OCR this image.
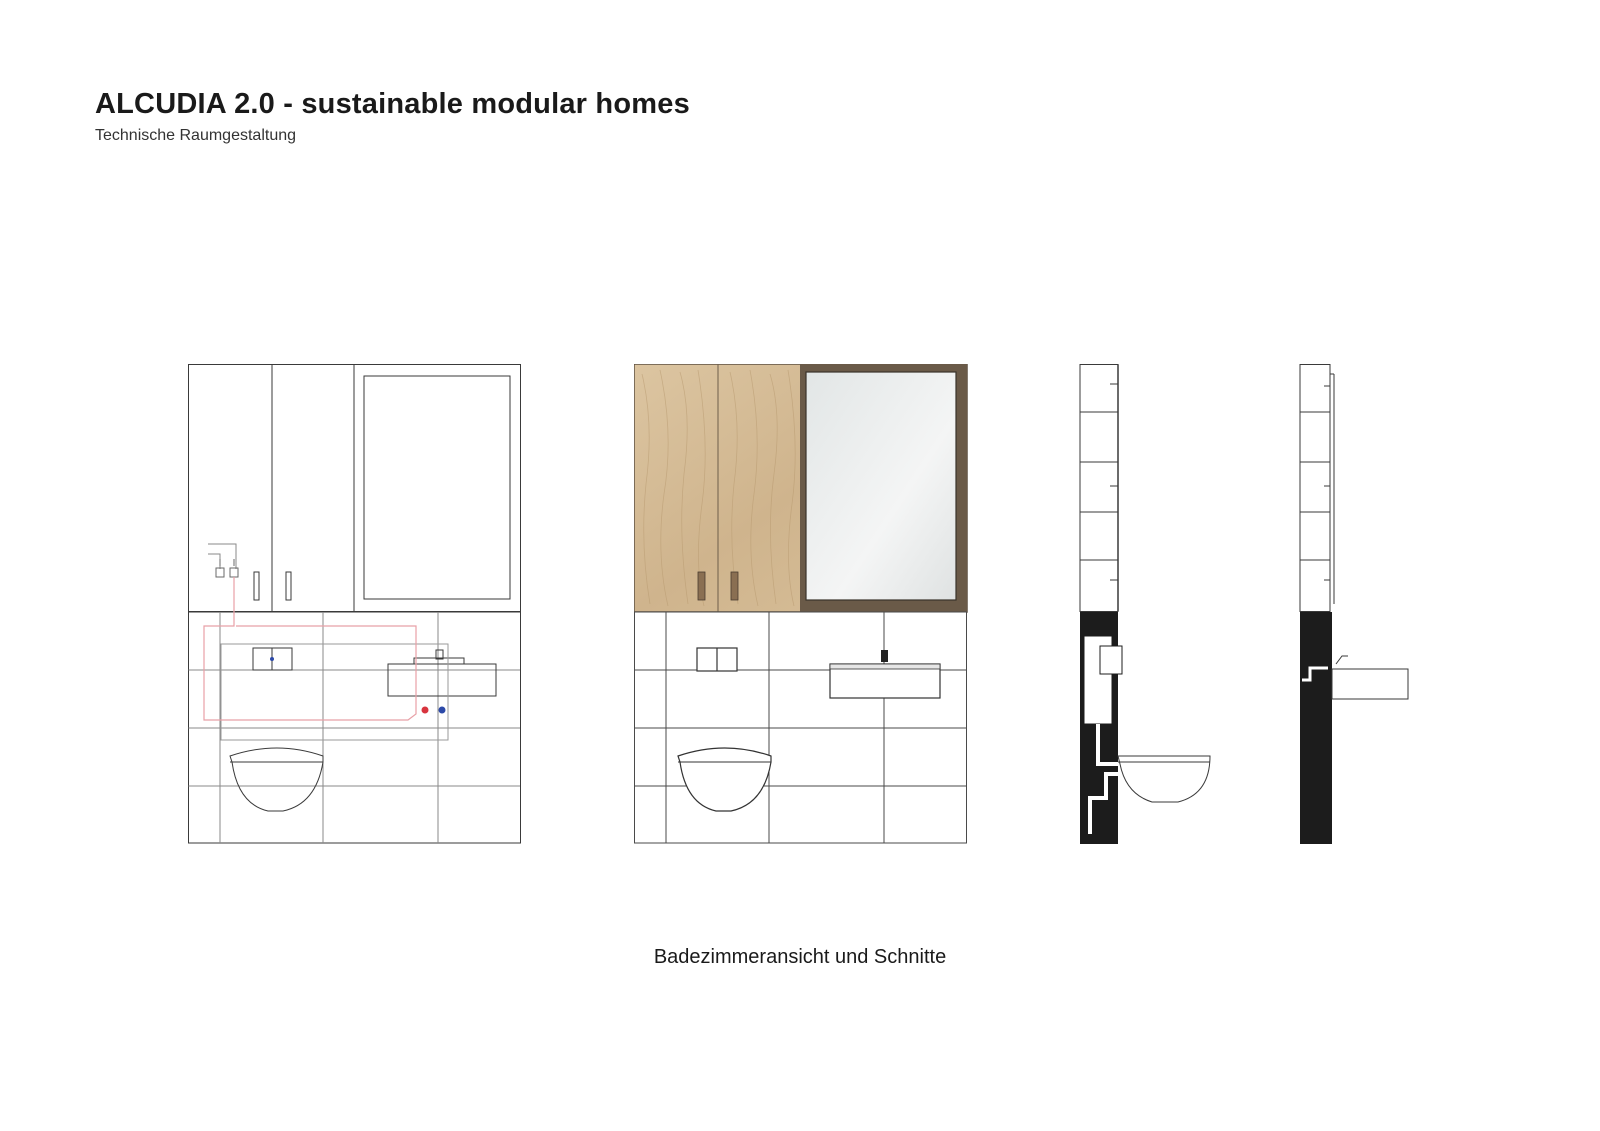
ALCUDIA 2.0 - sustainable modular homes

Technische Raumgestaltung

Badezimmeransicht und Schnitte
